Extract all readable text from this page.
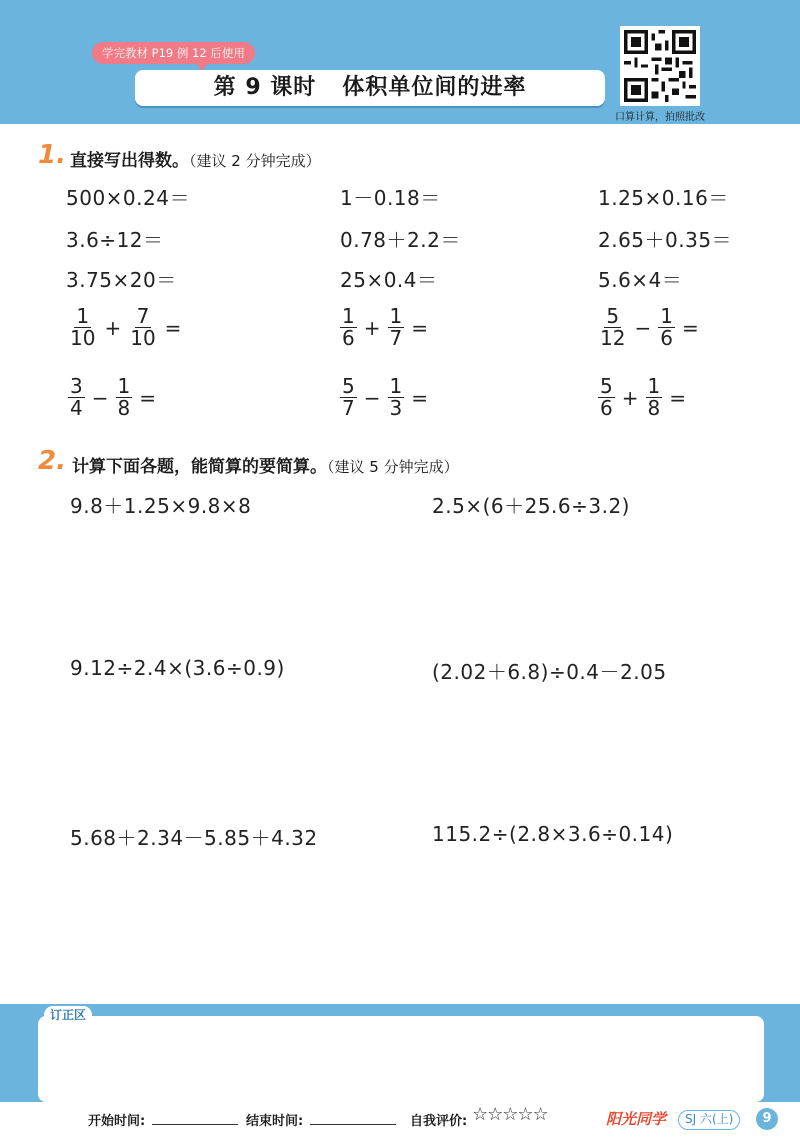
学完教材 P19 例 12 后使用
第 9 课时 体积单位间的进率
口算计算，拍照批改
1. 直接写出得数。（建议 2 分钟完成）
500×0.24＝	1－0.18＝	1.25×0.16＝
3.6÷12＝	0.78＋2.2＝	2.65＋0.35＝
3.75×20＝	25×0.4＝	5.6×4＝
$\frac{1}{10} + \frac{7}{10}$ =	$\frac{1}{6} + \frac{1}{7}$ =	$\frac{5}{12} - \frac{1}{6}$ =
$\frac{3}{4} - \frac{1}{8}$ =	$\frac{5}{7} - \frac{1}{3}$ =	$\frac{5}{6} + \frac{1}{8}$ =
2. 计算下面各题，能简算的要简算。（建议 5 分钟完成）
9.8＋1.25×9.8×8	2.5×(6＋25.6÷3.2)
9.12÷2.4×(3.6÷0.9)	(2.02＋6.8)÷0.4－2.05
5.68＋2.34－5.85＋4.32	115.2÷(2.8×3.6÷0.14)
订正区
开始时间:	结束时间:	自我评价: ☆☆☆☆☆	阳光同学	SJ 六(上)	9
